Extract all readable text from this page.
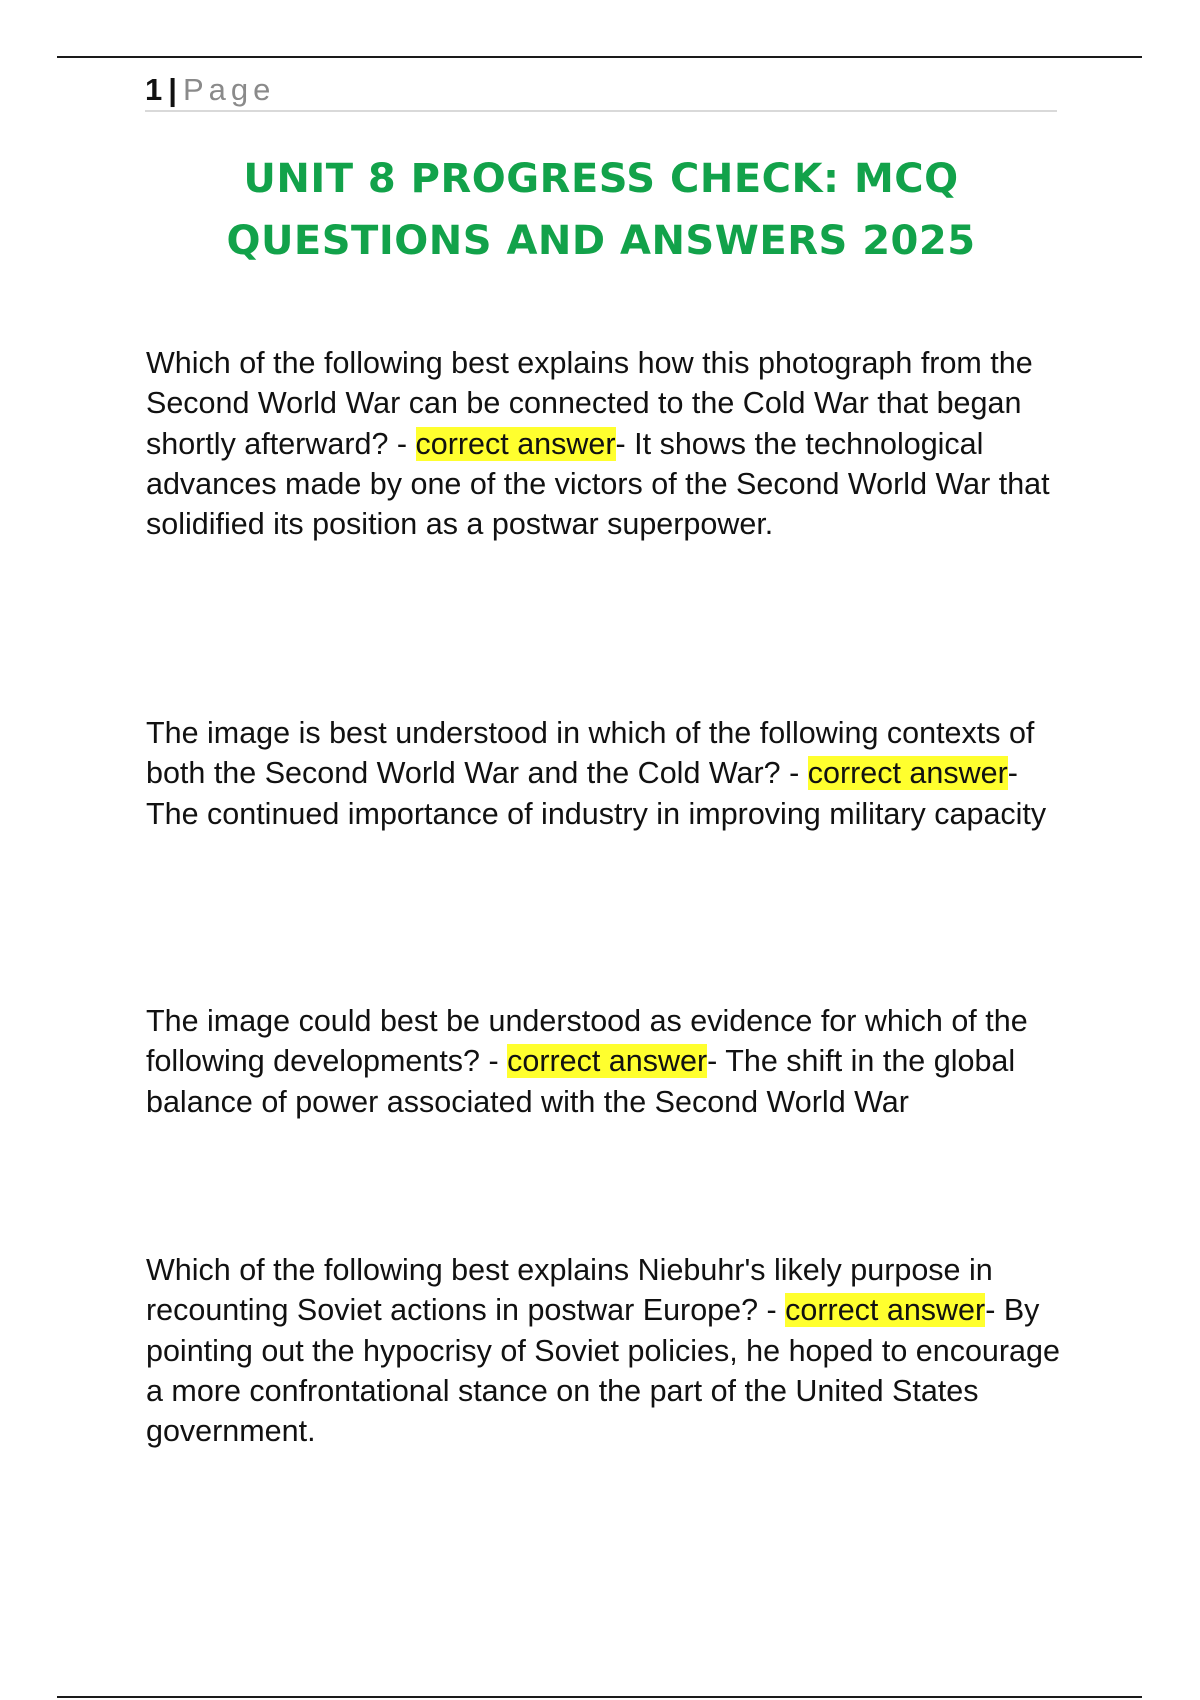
1 | Page
UNIT 8 PROGRESS CHECK: MCQ QUESTIONS AND ANSWERS 2025

Which of the following best explains how this photograph from the Second World War can be connected to the Cold War that began shortly afterward? - correct answer- It shows the technological advances made by one of the victors of the Second World War that solidified its position as a postwar superpower.

The image is best understood in which of the following contexts of both the Second World War and the Cold War? - correct answer- The continued importance of industry in improving military capacity

The image could best be understood as evidence for which of the following developments? - correct answer- The shift in the global balance of power associated with the Second World War

Which of the following best explains Niebuhr's likely purpose in recounting Soviet actions in postwar Europe? - correct answer- By pointing out the hypocrisy of Soviet policies, he hoped to encourage a more confrontational stance on the part of the United States government.
